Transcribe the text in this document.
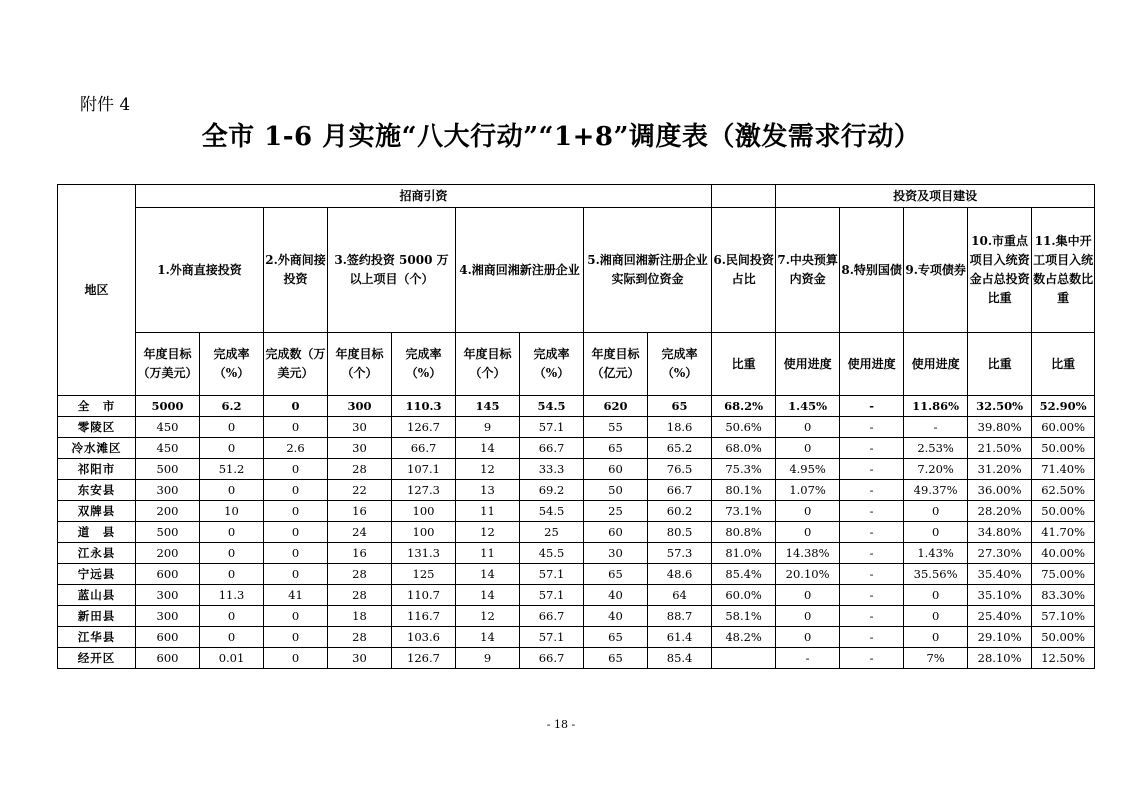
附件 4
全市 1-6 月实施“八大行动”“1+8”调度表（激发需求行动）
地区	招商引资										投资及项目建设				
	1.外商直接投资		2.外商间接投资	3.签约投资 5000 万以上项目（个）		4.湘商回湘新注册企业		5.湘商回湘新注册企业实际到位资金		6.民间投资占比	7.中央预算内资金	8.特别国债	9.专项债券	10.市重点项目入统资金占总投资比重	11.集中开工项目入统数占总数比重
	年度目标（万美元）	完成率（%）	完成数（万美元）	年度目标（个）	完成率（%）	年度目标（个）	完成率（%）	年度目标（亿元）	完成率（%）	比重	使用进度	使用进度	使用进度	比重	比重
全　市	5000	6.2	0	300	110.3	145	54.5	620	65	68.2%	1.45%	-	11.86%	32.50%	52.90%
零陵区	450	0	0	30	126.7	9	57.1	55	18.6	50.6%	0	-	-	39.80%	60.00%
冷水滩区	450	0	2.6	30	66.7	14	66.7	65	65.2	68.0%	0	-	2.53%	21.50%	50.00%
祁阳市	500	51.2	0	28	107.1	12	33.3	60	76.5	75.3%	4.95%	-	7.20%	31.20%	71.40%
东安县	300	0	0	22	127.3	13	69.2	50	66.7	80.1%	1.07%	-	49.37%	36.00%	62.50%
双牌县	200	10	0	16	100	11	54.5	25	60.2	73.1%	0	-	0	28.20%	50.00%
道　县	500	0	0	24	100	12	25	60	80.5	80.8%	0	-	0	34.80%	41.70%
江永县	200	0	0	16	131.3	11	45.5	30	57.3	81.0%	14.38%	-	1.43%	27.30%	40.00%
宁远县	600	0	0	28	125	14	57.1	65	48.6	85.4%	20.10%	-	35.56%	35.40%	75.00%
蓝山县	300	11.3	41	28	110.7	14	57.1	40	64	60.0%	0	-	0	35.10%	83.30%
新田县	300	0	0	18	116.7	12	66.7	40	88.7	58.1%	0	-	0	25.40%	57.10%
江华县	600	0	0	28	103.6	14	57.1	65	61.4	48.2%	0	-	0	29.10%	50.00%
经开区	600	0.01	0	30	126.7	9	66.7	65	85.4		-	-	7%	28.10%	12.50%
- 18 -
